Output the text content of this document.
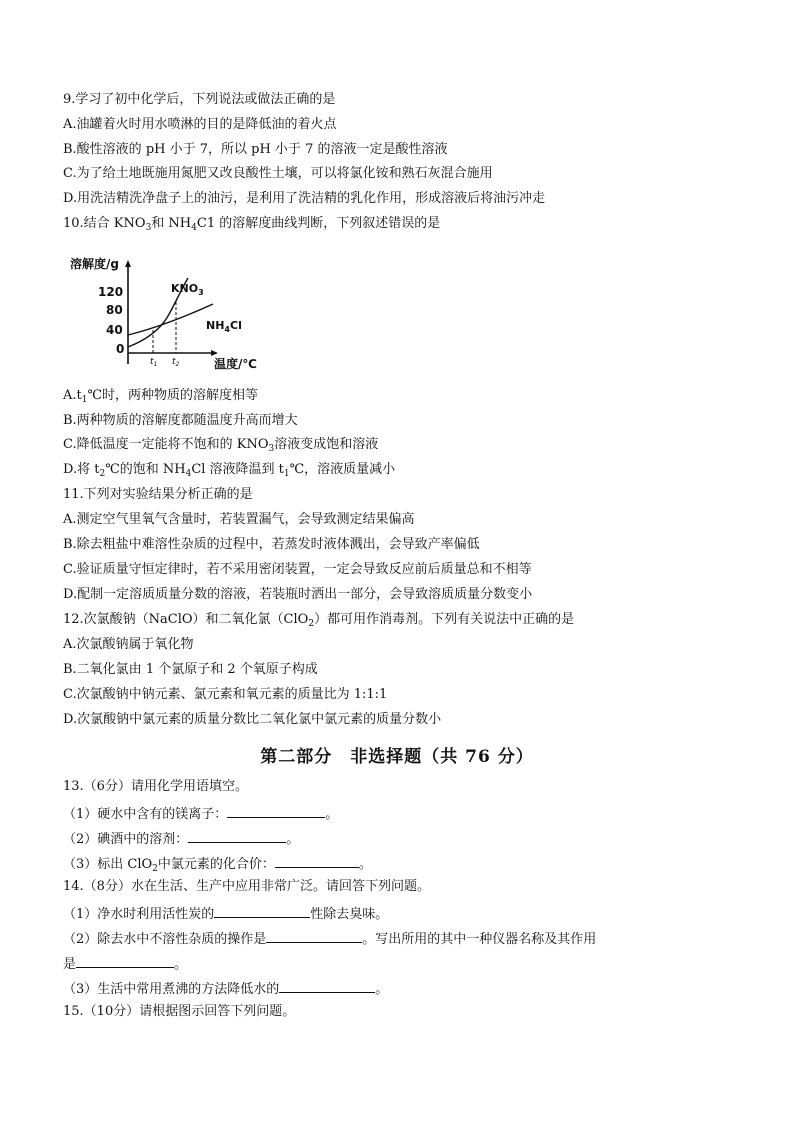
9.学习了初中化学后，下列说法或做法正确的是
A.油罐着火时用水喷淋的目的是降低油的着火点
B.酸性溶液的 pH 小于 7，所以 pH 小于 7 的溶液一定是酸性溶液
C.为了给土地既施用氮肥又改良酸性土壤，可以将氯化铵和熟石灰混合施用
D.用洗洁精洗净盘子上的油污，是利用了洗洁精的乳化作用，形成溶液后将油污冲走
10.结合 $KNO_3$和 $NH_4C1$ 的溶解度曲线判断，下列叙述错误的是
溶解度/g
120
80
40
0
$t_1$ $t_2$
$KNO_3$
$NH_4Cl$
温度/℃
$A.t_1℃$时，两种物质的溶解度相等
B.两种物质的溶解度都随温度升高而增大
C.降低温度一定能将不饱和的 $KNO_3$溶液变成饱和溶液
D.将 $t_2℃$的饱和 $NH_4Cl$ 溶液降温到 $t_1℃$，溶液质量减小
11.下列对实验结果分析正确的是
A.测定空气里氧气含量时，若装置漏气，会导致测定结果偏高
B.除去粗盐中难溶性杂质的过程中，若蒸发时液体溅出，会导致产率偏低
C.验证质量守恒定律时，若不采用密闭装置，一定会导致反应前后质量总和不相等
D.配制一定溶质质量分数的溶液，若装瓶时洒出一部分，会导致溶质质量分数变小
12.次氯酸钠（NaClO）和二氧化氯（ClO$_2$）都可用作消毒剂。下列有关说法中正确的是
A.次氯酸钠属于氧化物
B.二氧化氯由 1 个氯原子和 2 个氧原子构成
C.次氯酸钠中钠元素、氯元素和氧元素的质量比为 1:1:1
D.次氯酸钠中氯元素的质量分数比二氧化氯中氯元素的质量分数小
第二部分　非选择题（共 76 分）
13.（6分）请用化学用语填空。
（1）硬水中含有的镁离子：	。
（2）碘酒中的溶剂：	。
（3）标出 ClO$_2$中氯元素的化合价：	。
14.（8分）水在生活、生产中应用非常广泛。请回答下列问题。
（1）净水时利用活性炭的	性除去臭味。
（2）除去水中不溶性杂质的操作是	。写出所用的其中一种仪器名称及其作用
是	。
（3）生活中常用煮沸的方法降低水的	。
15.（10分）请根据图示回答下列问题。
